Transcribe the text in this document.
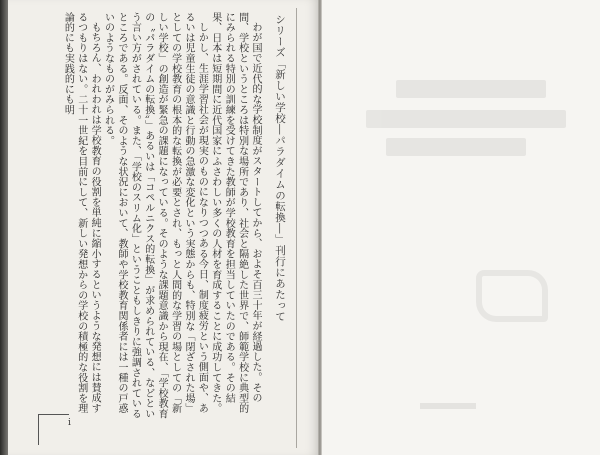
シリーズ「新しい学校―パラダイムの転換―」刊行にあたって

わが国で近代的な学校制度がスタートしてから、およそ百三十年が経過した。その間、学校というところは特別な場所であり、社会と隔絶した世界で、師範学校に典型的にみられる特別の訓練を受けてきた教師が学校教育を担当していたのである。その結果、日本は短期間に近代国家にふさわしい多くの人材を育成することに成功してきた。

しかし、生涯学習社会が現実のものになりつつある今日、制度疲労という側面や、あるいは児童生徒の意識と行動の急激な変化という実態からも、特別な「閉ざされた場」としての学校教育の根本的な転換が必要とされ、もっと人間的な学習の場としての「新しい学校」の創造が緊急の課題になっている。そのような課題意識から現在、「学校教育の〝パラダイムの転換〟」あるいは「コペルニクス的転換」が求められている、などという言い方がされている。また、「学校のスリム化」ということもしきりに強調されているところである。反面、そのような状況において、教師や学校教育関係者には一種の戸惑いのようなものがみられる。

もちろん、われわれは学校教育の役割を単純に縮小するというような発想には賛成するつもりはない。二十一世紀を目前にして、新しい発想からの学校の積極的な役割を理論的にも実践的にも明

i
